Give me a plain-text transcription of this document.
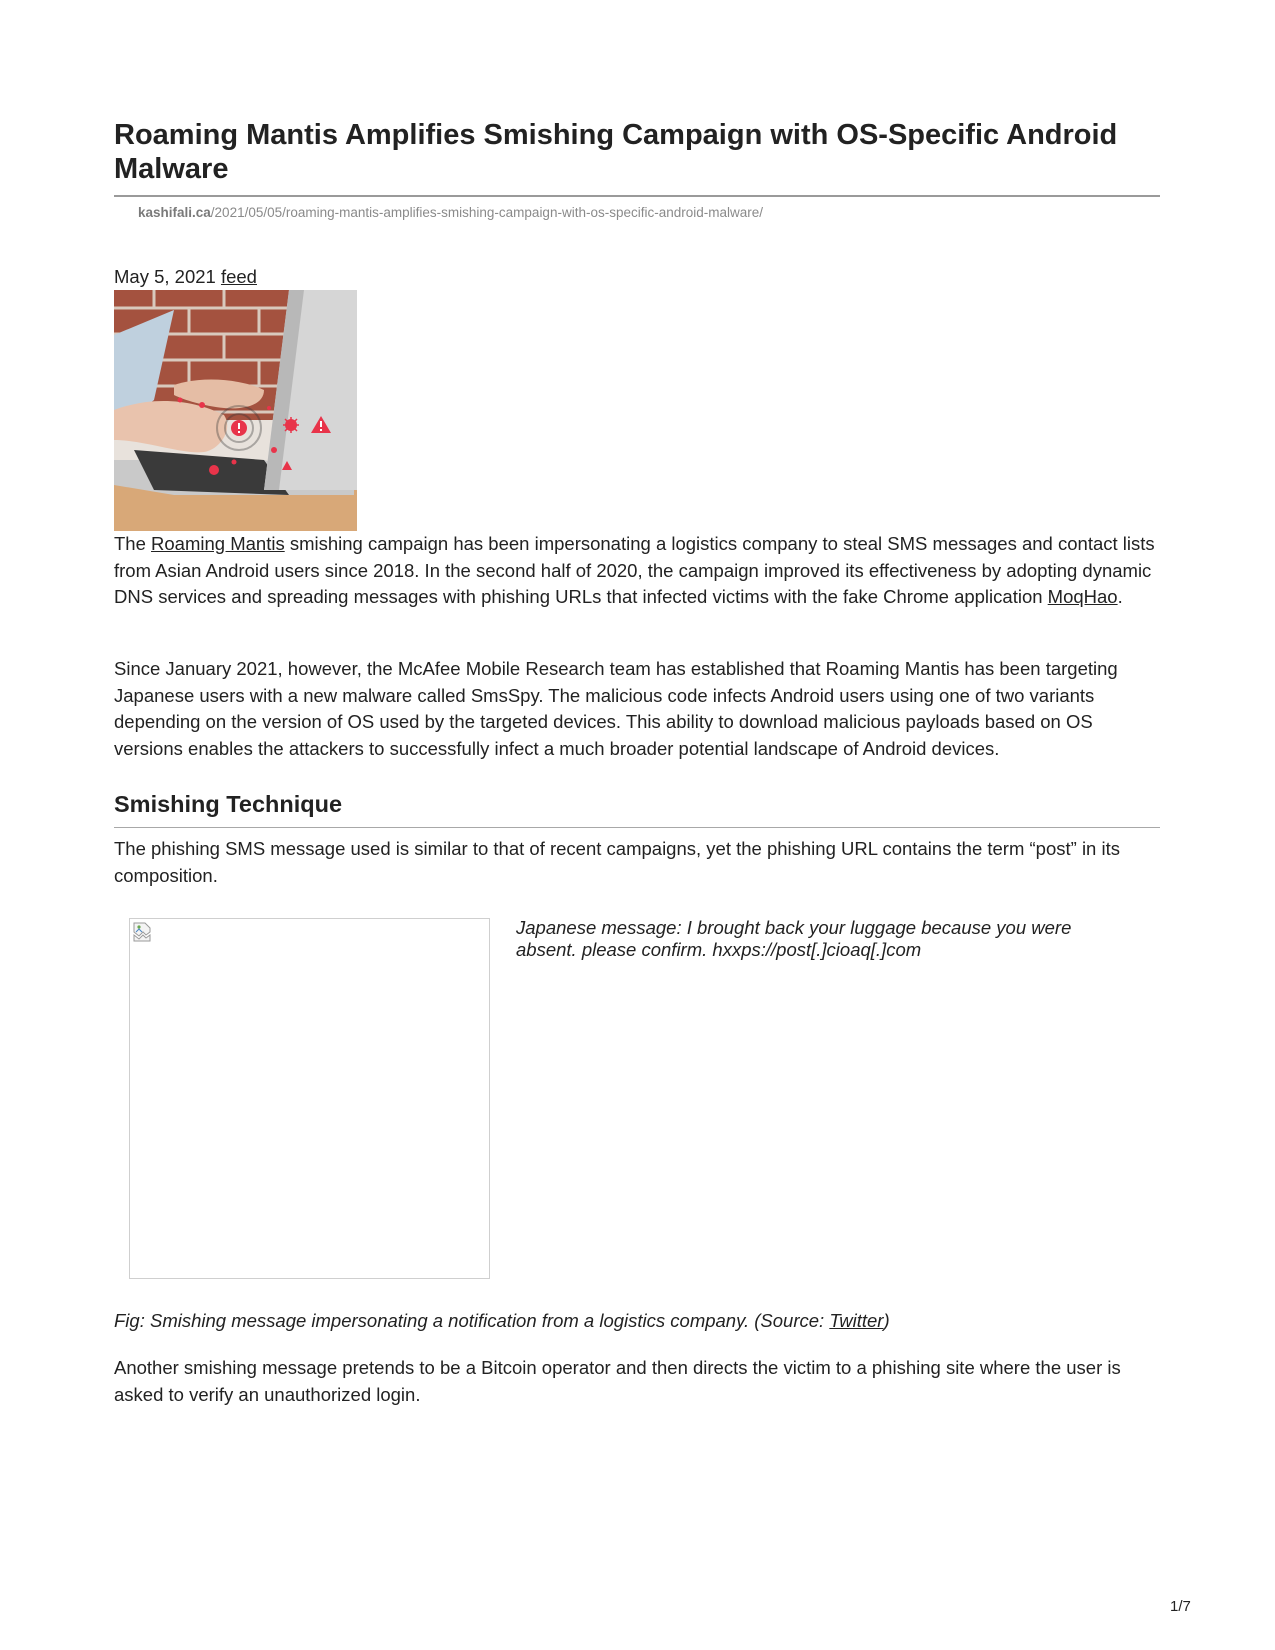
Roaming Mantis Amplifies Smishing Campaign with OS-Specific Android Malware
kashifali.ca/2021/05/05/roaming-mantis-amplifies-smishing-campaign-with-os-specific-android-malware/
May 5, 2021 feed

The Roaming Mantis smishing campaign has been impersonating a logistics company to steal SMS messages and contact lists from Asian Android users since 2018. In the second half of 2020, the campaign improved its effectiveness by adopting dynamic DNS services and spreading messages with phishing URLs that infected victims with the fake Chrome application MoqHao.

Since January 2021, however, the McAfee Mobile Research team has established that Roaming Mantis has been targeting Japanese users with a new malware called SmsSpy. The malicious code infects Android users using one of two variants depending on the version of OS used by the targeted devices. This ability to download malicious payloads based on OS versions enables the attackers to successfully infect a much broader potential landscape of Android devices.

Smishing Technique

The phishing SMS message used is similar to that of recent campaigns, yet the phishing URL contains the term “post” in its composition.

Japanese message: I brought back your luggage because you were absent. please confirm. hxxps://post[.]cioaq[.]com

Fig: Smishing message impersonating a notification from a logistics company. (Source: Twitter)

Another smishing message pretends to be a Bitcoin operator and then directs the victim to a phishing site where the user is asked to verify an unauthorized login.

1/7
